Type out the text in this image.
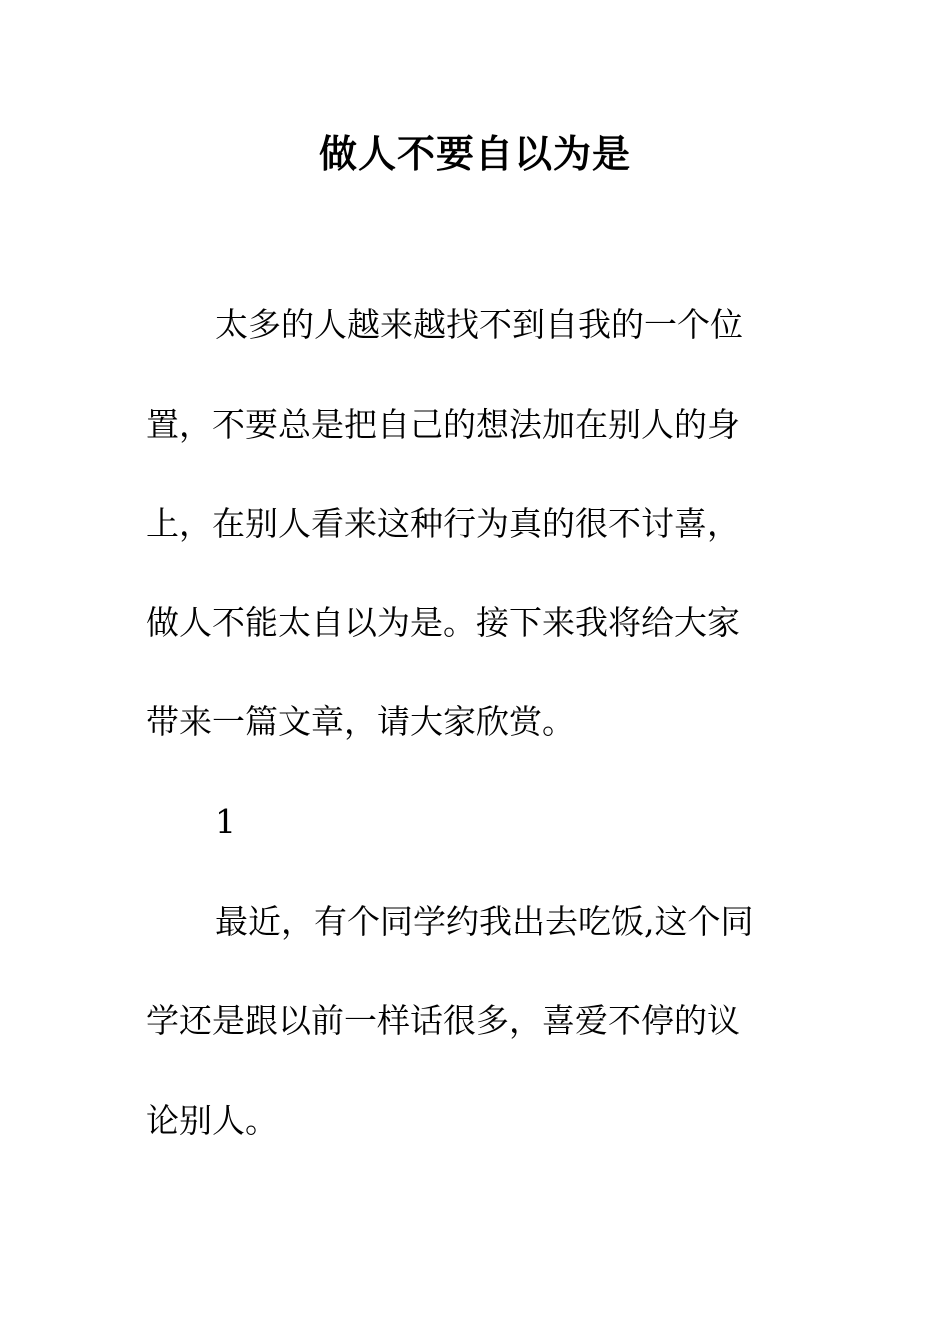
做人不要自以为是
太多的人越来越找不到自我的一个位
置，不要总是把自己的想法加在别人的身
上，在别人看来这种行为真的很不讨喜，
做人不能太自以为是。接下来我将给大家
带来一篇文章，请大家欣赏。
1
最近，有个同学约我出去吃饭,这个同
学还是跟以前一样话很多，喜爱不停的议
论别人。
